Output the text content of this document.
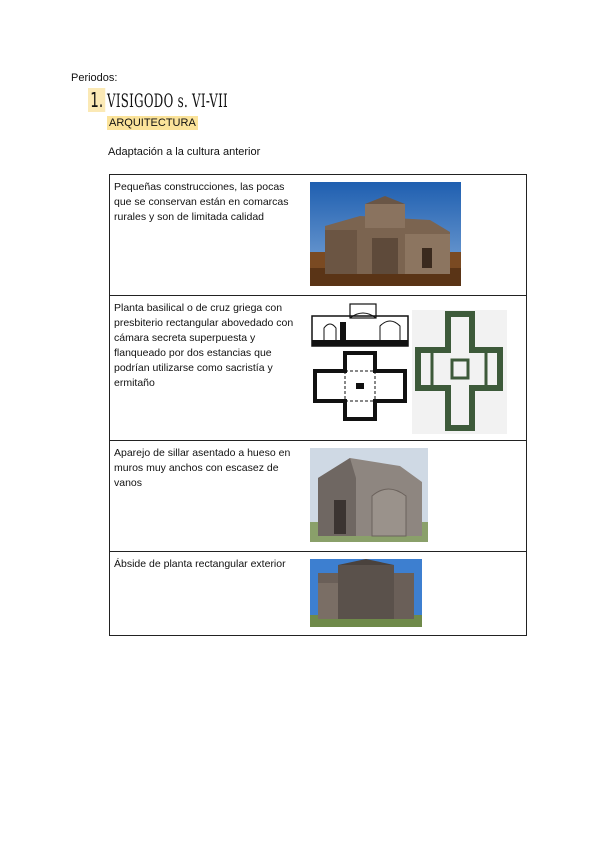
Periodos:
1. VISIGODO s. VI-VII
ARQUITECTURA
Adaptación a la cultura anterior
Pequeñas construcciones, las pocas que se conservan están en comarcas rurales y son de limitada calidad

Planta basilical o de cruz griega con presbiterio rectangular abovedado con cámara secreta superpuesta y flanqueado por dos estancias que podrían utilizarse como sacristía y ermitaño

Aparejo de sillar asentado a hueso en muros muy anchos con escasez de vanos

Ábside de planta rectangular exterior
